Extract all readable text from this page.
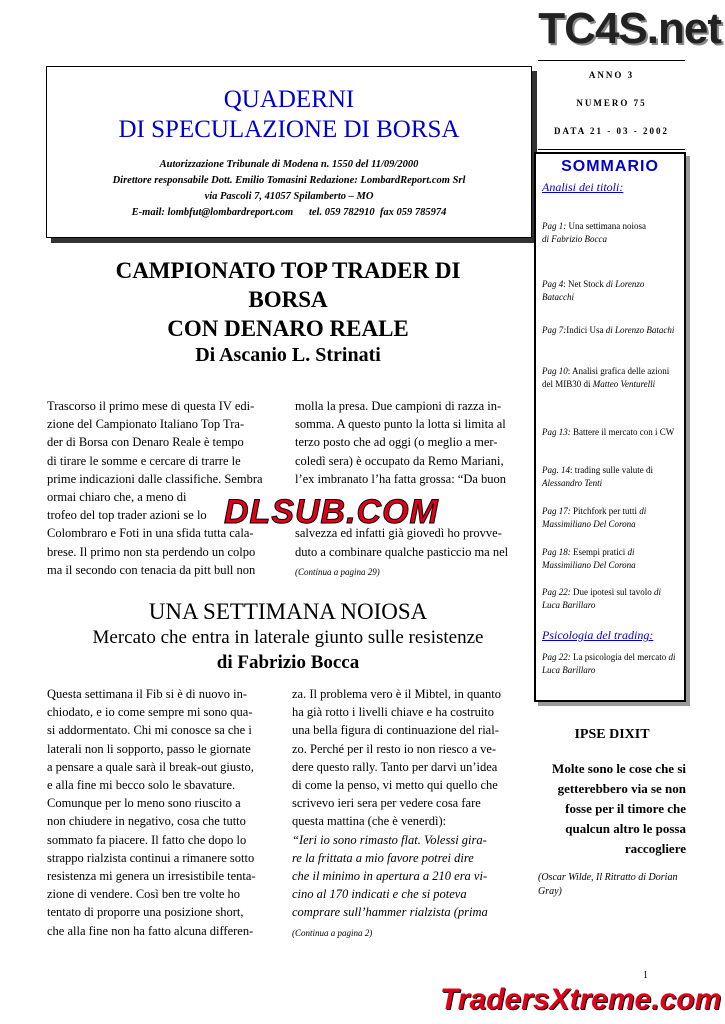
TC4S.net
QUADERNI
DI SPECULAZIONE DI BORSA
Autorizzazione Tribunale di Modena n. 1550 del 11/09/2000
Direttore responsabile Dott. Emilio Tomasini Redazione: LombardReport.com Srl
via Pascoli 7, 41057 Spilamberto – MO
E-mail: lombfut@lombardreport.com      tel. 059 782910  fax 059 785974
ANNO 3
NUMERO 75
DATA 21 - 03 - 2002
SOMMARIO
Analisi dei titoli:
Pag 1: Una settimana noiosa
di Fabrizio Bocca
Pag 4: Net Stock di Lorenzo Batacchi
Pag 7:Indici Usa di Lorenzo Batachi
Pag 10: Analisi grafica delle azioni del MIB30 di Matteo Venturelli
Pag 13: Battere il mercato con i CW
Pag. 14: trading sulle valute di Alessandro Tenti
Pag 17: Pitchfork per tutti di Massimiliano Del Corona
Pag 18: Esempi pratici di Massimiliano Del Corona
Pag 22: Due ipotesi sul tavolo di Luca Barillaro
Psicologia del trading:
Pag 22: La psicologia del mercato di Luca Barillaro
IPSE DIXIT
Molte sono le cose che si getterebbero via se non fosse per il timore che qualcun altro le possa raccogliere
(Oscar Wilde, Il Ritratto di Dorian Gray)
CAMPIONATO TOP TRADER DI
BORSA
CON DENARO REALE
Di Ascanio L. Strinati
Trascorso il primo mese di questa IV edi-
zione del Campionato Italiano Top Tra-
der di Borsa con Denaro Reale è tempo
di tirare le somme e cercare di trarre le
prime indicazioni dalle classifiche. Sembra
ormai chiaro che, a meno di
trofeo del top trader azioni se lo
Colombraro e Foti in una sfida tutta cala-
brese. Il primo non sta perdendo un colpo
ma il secondo con tenacia da pitt bull non
molla la presa. Due campioni di razza in-
somma. A questo punto la lotta si limita al
terzo posto che ad oggi (o meglio a mer-
coledì sera) è occupato da Remo Mariani,
l’ex imbranato l’ha fatta grossa: “Da buon
salvezza ed infatti già giovedì ho provve-
duto a combinare qualche pasticcio ma nel
(Continua a pagina 29)
DLSUB.COM
UNA SETTIMANA NOIOSA
Mercato che entra in laterale giunto sulle resistenze
di Fabrizio Bocca
Questa settimana il Fib si è di nuovo in-
chiodato, e io come sempre mi sono qua-
si addormentato. Chi mi conosce sa che i
laterali non li sopporto, passo le giornate
a pensare a quale sarà il break-out giusto,
e alla fine mi becco solo le sbavature.
Comunque per lo meno sono riuscito a
non chiudere in negativo, cosa che tutto
sommato fa piacere. Il fatto che dopo lo
strappo rialzista continui a rimanere sotto
resistenza mi genera un irresistibile tenta-
zione di vendere. Così ben tre volte ho
tentato di proporre una posizione short,
che alla fine non ha fatto alcuna differen-
za. Il problema vero è il Mibtel, in quanto
ha già rotto i livelli chiave e ha costruito
una bella figura di continuazione del rial-
zo. Perché per il resto io non riesco a ve-
dere questo rally. Tanto per darvi un’idea
di come la penso, vi metto qui quello che
scrivevo ieri sera per vedere cosa fare
questa mattina (che è venerdì):
“Ieri io sono rimasto flat. Volessi gira-
re la frittata a mio favore potrei dire
che il minimo in apertura a 210 era vi-
cino al 170 indicati e che si poteva
comprare sull’hammer rialzista (prima
(Continua a pagina 2)
1
TradersXtreme.com
